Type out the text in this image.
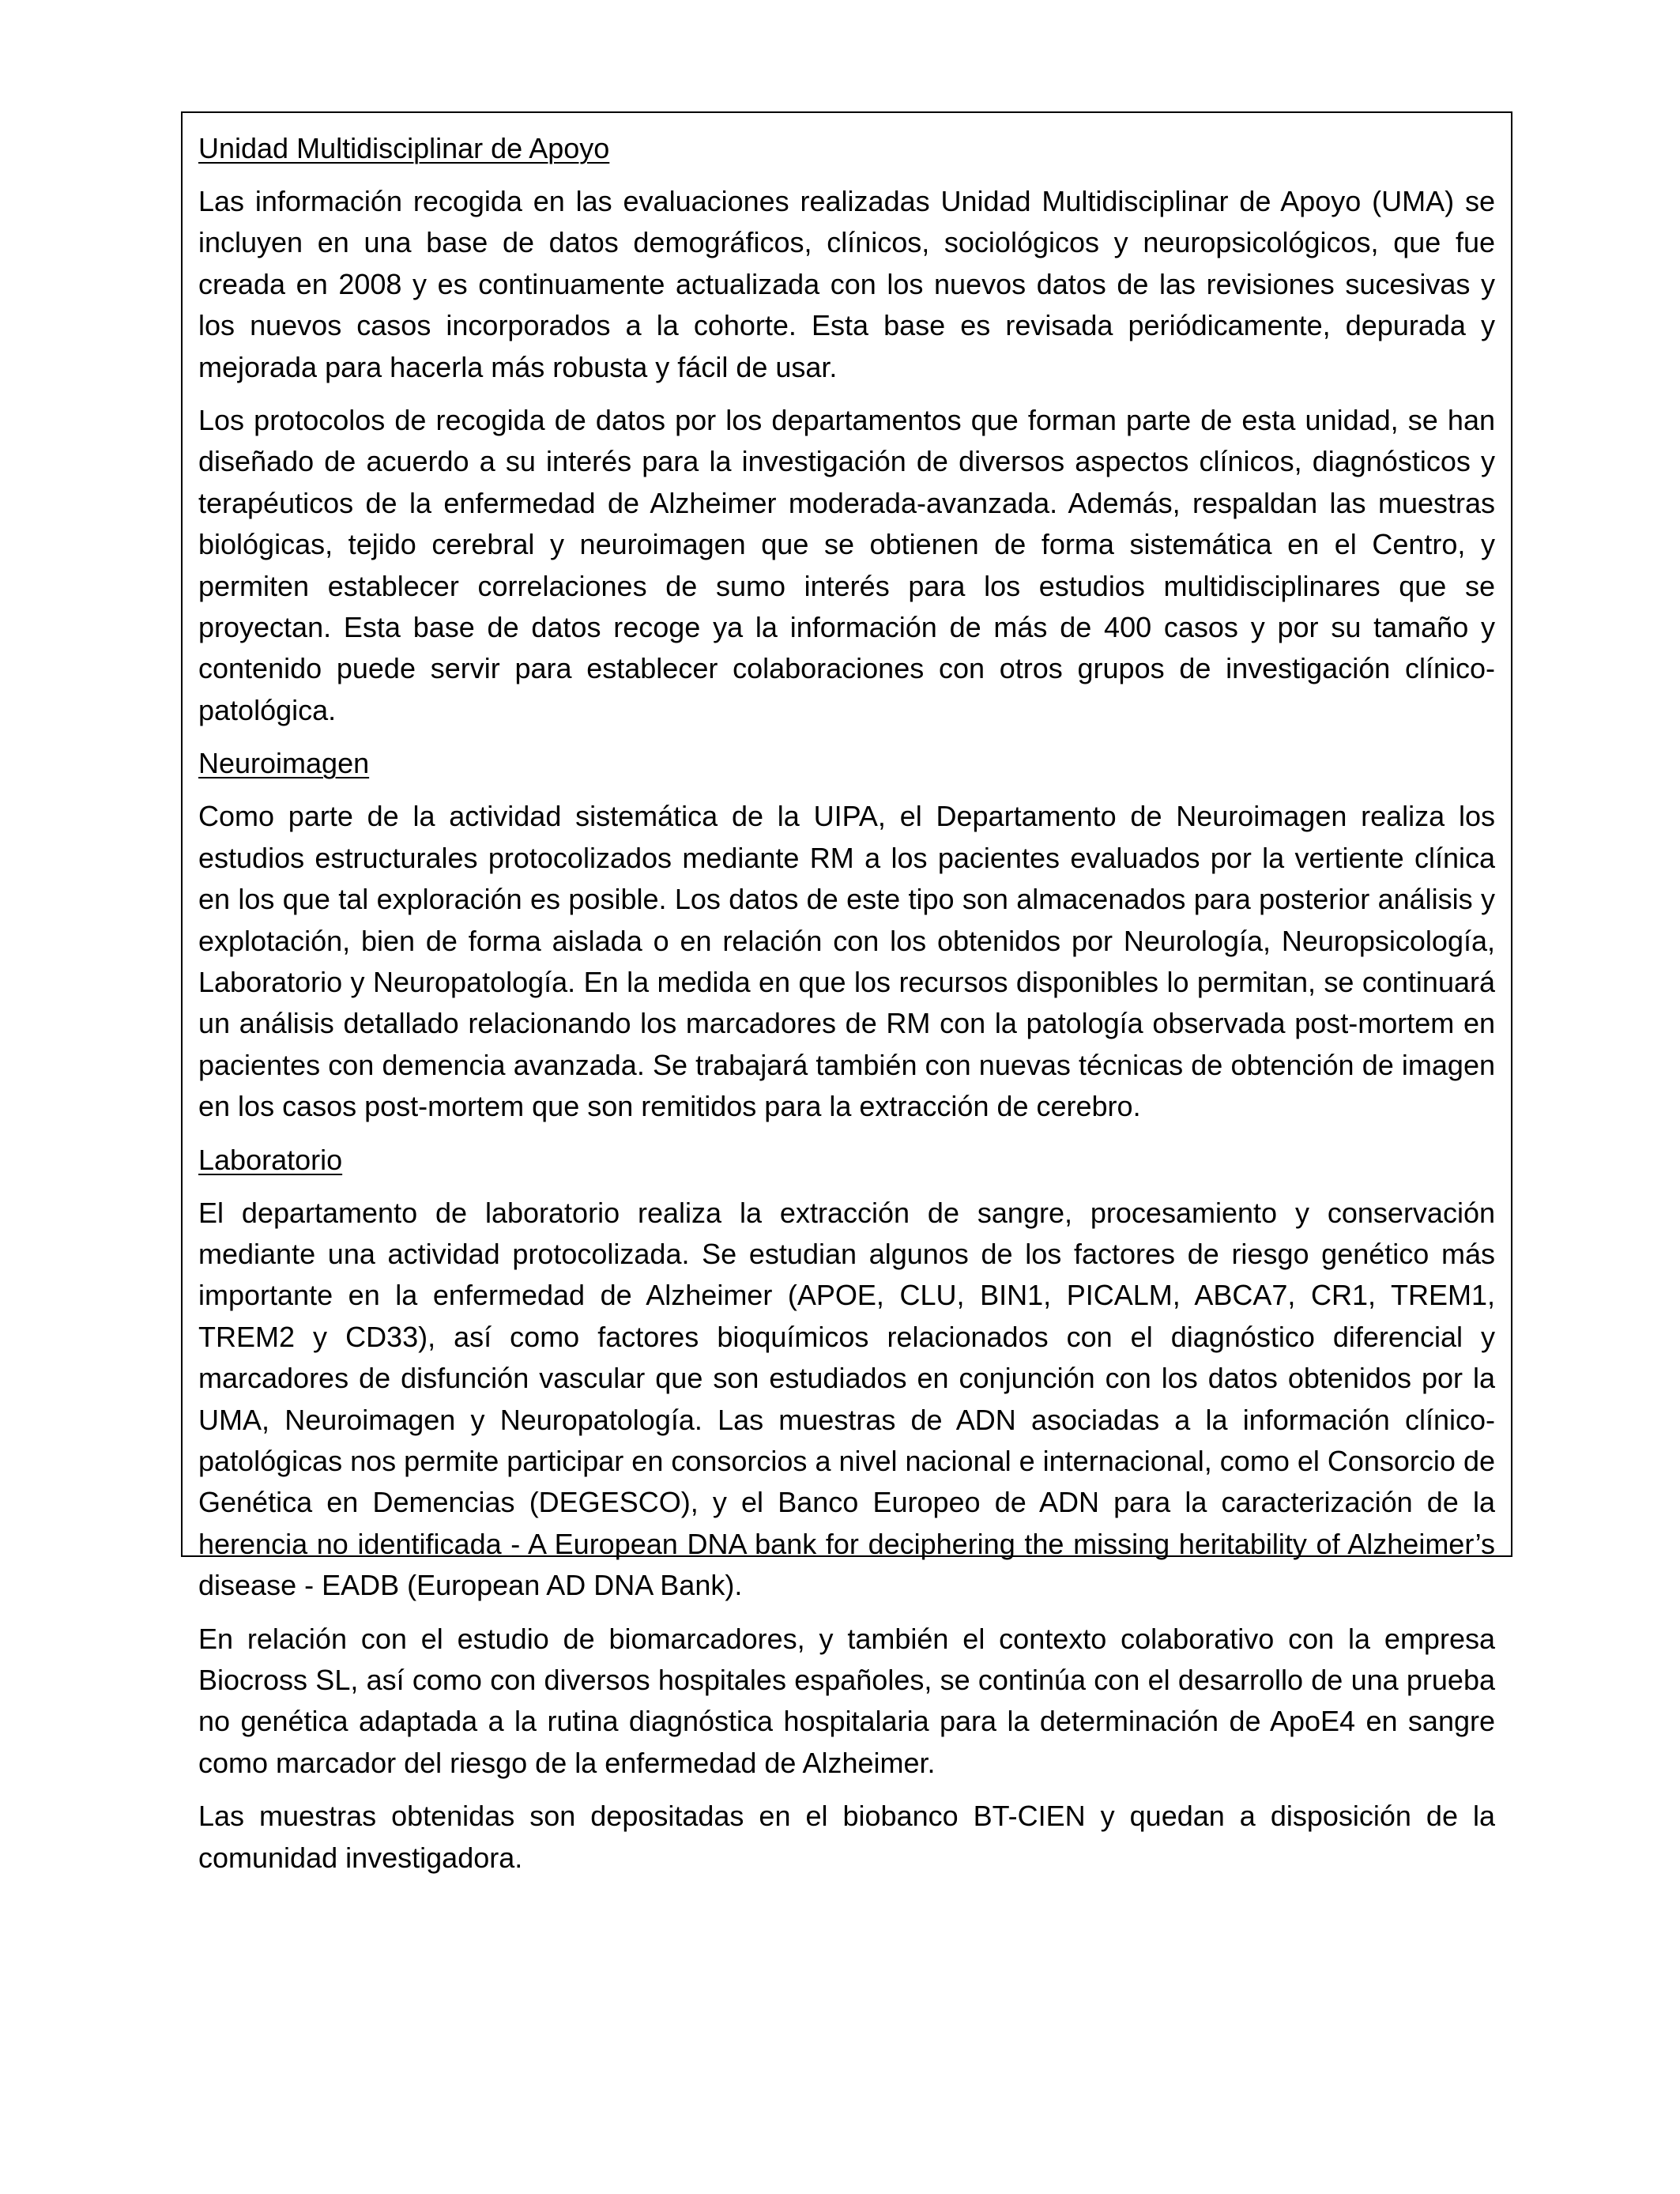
Unidad Multidisciplinar de Apoyo

Las información recogida en las evaluaciones realizadas Unidad Multidisciplinar de Apoyo (UMA) se incluyen en una base de datos demográficos, clínicos, sociológicos y neuropsicológicos, que fue creada en 2008 y es continuamente actualizada con los nuevos datos de las revisiones sucesivas y los nuevos casos incorporados a la cohorte. Esta base es revisada periódicamente, depurada y mejorada para hacerla más robusta y fácil de usar.

Los protocolos de recogida de datos por los departamentos que forman parte de esta unidad, se han diseñado de acuerdo a su interés para la investigación de diversos aspectos clínicos, diagnósticos y terapéuticos de la enfermedad de Alzheimer moderada-avanzada. Además, respaldan las muestras biológicas, tejido cerebral y neuroimagen que se obtienen de forma sistemática en el Centro, y permiten establecer correlaciones de sumo interés para los estudios multidisciplinares que se proyectan. Esta base de datos recoge ya la información de más de 400 casos y por su tamaño y contenido puede servir para establecer colaboraciones con otros grupos de investigación clínico-patológica.

Neuroimagen

Como parte de la actividad sistemática de la UIPA, el Departamento de Neuroimagen realiza los estudios estructurales protocolizados mediante RM a los pacientes evaluados por la vertiente clínica en los que tal exploración es posible. Los datos de este tipo son almacenados para posterior análisis y explotación, bien de forma aislada o en relación con los obtenidos por Neurología, Neuropsicología, Laboratorio y Neuropatología. En la medida en que los recursos disponibles lo permitan, se continuará un análisis detallado relacionando los marcadores de RM con la patología observada post-mortem en pacientes con demencia avanzada. Se trabajará también con nuevas técnicas de obtención de imagen en los casos post-mortem que son remitidos para la extracción de cerebro.

Laboratorio

El departamento de laboratorio realiza la extracción de sangre, procesamiento y conservación mediante una actividad protocolizada. Se estudian algunos de los factores de riesgo genético más importante en la enfermedad de Alzheimer (APOE, CLU, BIN1, PICALM, ABCA7, CR1, TREM1, TREM2 y CD33), así como factores bioquímicos relacionados con el diagnóstico diferencial y marcadores de disfunción vascular que son estudiados en conjunción con los datos obtenidos por la UMA, Neuroimagen y Neuropatología. Las muestras de ADN asociadas a la información clínico-patológicas nos permite participar en consorcios a nivel nacional e internacional, como el Consorcio de Genética en Demencias (DEGESCO), y el Banco Europeo de ADN para la caracterización de la herencia no identificada - A European DNA bank for deciphering the missing heritability of Alzheimer’s disease - EADB (European AD DNA Bank).

En relación con el estudio de biomarcadores, y también el contexto colaborativo con la empresa Biocross SL, así como con diversos hospitales españoles, se continúa con el desarrollo de una prueba no genética adaptada a la rutina diagnóstica hospitalaria para la determinación de ApoE4 en sangre como marcador del riesgo de la enfermedad de Alzheimer.

Las muestras obtenidas son depositadas en el biobanco BT-CIEN y quedan a disposición de la comunidad investigadora.
